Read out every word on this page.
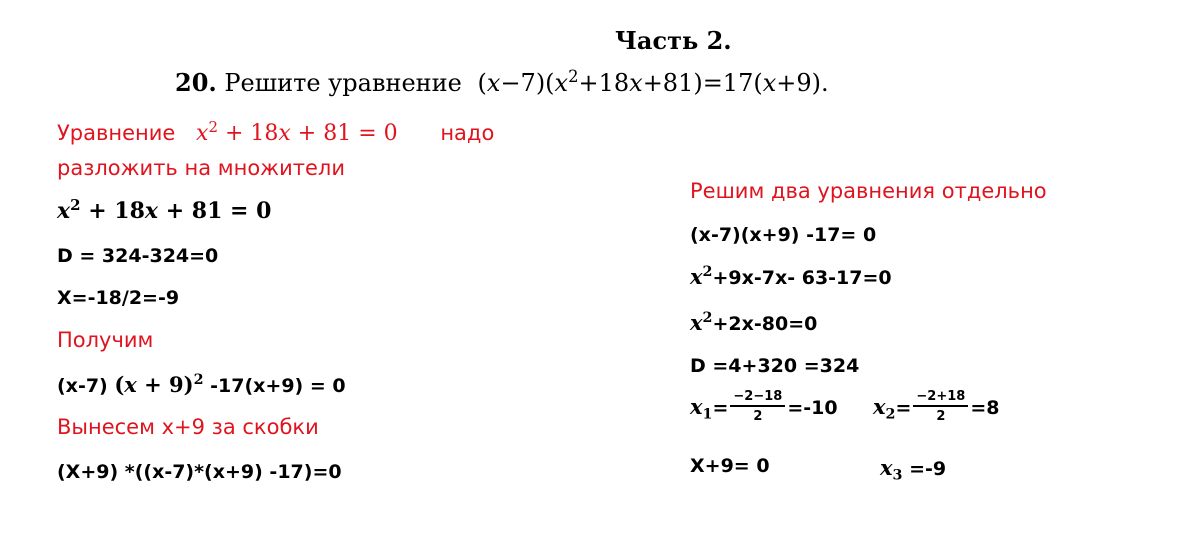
Часть 2.
20. Решите уравнение $(x-7)(x^2+18x+81)=17(x+9)$.
Уравнение $x^2 + 18x + 81 = 0$ надо
разложить на множители
$x^2 + 18x + 81 = 0$
D = 324-324=0
X=-18/2=-9
Получим
(x-7) $(x + 9)^2$ -17(x+9) = 0
Вынесем x+9 за скобки
(X+9) *((x-7)*(x+9) -17)=0
Решим два уравнения отдельно
(x-7)(x+9) -17= 0
$x^2+9x-7x-$ 63-17=0
$x^2+2x-80=0$
D =4+320 =324
$x_1= \frac{-2-18}{2} =-10$ $x_2= \frac{-2+18}{2} =8$
X+9= 0	$x_3 =-9$
